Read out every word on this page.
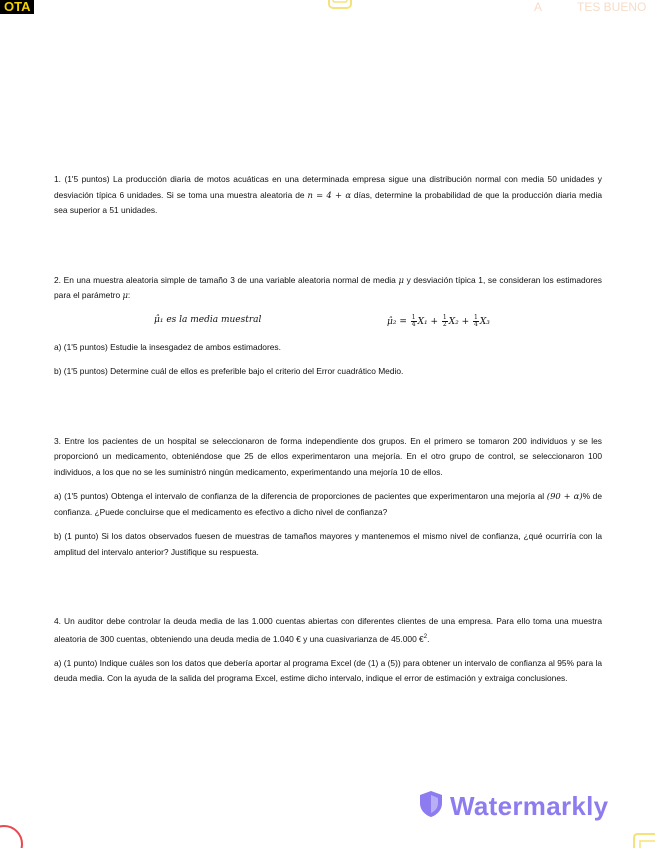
OTA	A	TES BUENO

1. (1'5 puntos) La producción diaria de motos acuáticas en una determinada empresa sigue una distribución normal con media 50 unidades y desviación típica 6 unidades. Si se toma una muestra aleatoria de n = 4 + α días, determine la probabilidad de que la producción diaria media sea superior a 51 unidades.

2. En una muestra aleatoria simple de tamaño 3 de una variable aleatoria normal de media μ y desviación típica 1, se consideran los estimadores para el parámetro μ:

μ̂₁ es la media muestral	μ̂₂ = $\frac{1}{4} X_1 + \frac{1}{2} X_2 + \frac{1}{4} X_3$

a) (1'5 puntos) Estudie la insesgadez de ambos estimadores.

b) (1'5 puntos) Determine cuál de ellos es preferible bajo el criterio del Error cuadrático Medio.

3. Entre los pacientes de un hospital se seleccionaron de forma independiente dos grupos. En el primero se tomaron 200 individuos y se les proporcionó un medicamento, obteniéndose que 25 de ellos experimentaron una mejoría. En el otro grupo de control, se seleccionaron 100 individuos, a los que no se les suministró ningún medicamento, experimentando una mejoría 10 de ellos.

a) (1'5 puntos) Obtenga el intervalo de confianza de la diferencia de proporciones de pacientes que experimentaron una mejoría al (90 + α)% de confianza. ¿Puede concluirse que el medicamento es efectivo a dicho nivel de confianza?

b) (1 punto) Si los datos observados fuesen de muestras de tamaños mayores y mantenemos el mismo nivel de confianza, ¿qué ocurriría con la amplitud del intervalo anterior? Justifique su respuesta.

4. Un auditor debe controlar la deuda media de las 1.000 cuentas abiertas con diferentes clientes de una empresa. Para ello toma una muestra aleatoria de 300 cuentas, obteniendo una deuda media de 1.040 € y una cuasivarianza de 45.000 €$^2$.

a) (1 punto) Indique cuáles son los datos que debería aportar al programa Excel (de (1) a (5)) para obtener un intervalo de confianza al 95% para la deuda media. Con la ayuda de la salida del programa Excel, estime dicho intervalo, indique el error de estimación y extraiga conclusiones.

Watermarkly
